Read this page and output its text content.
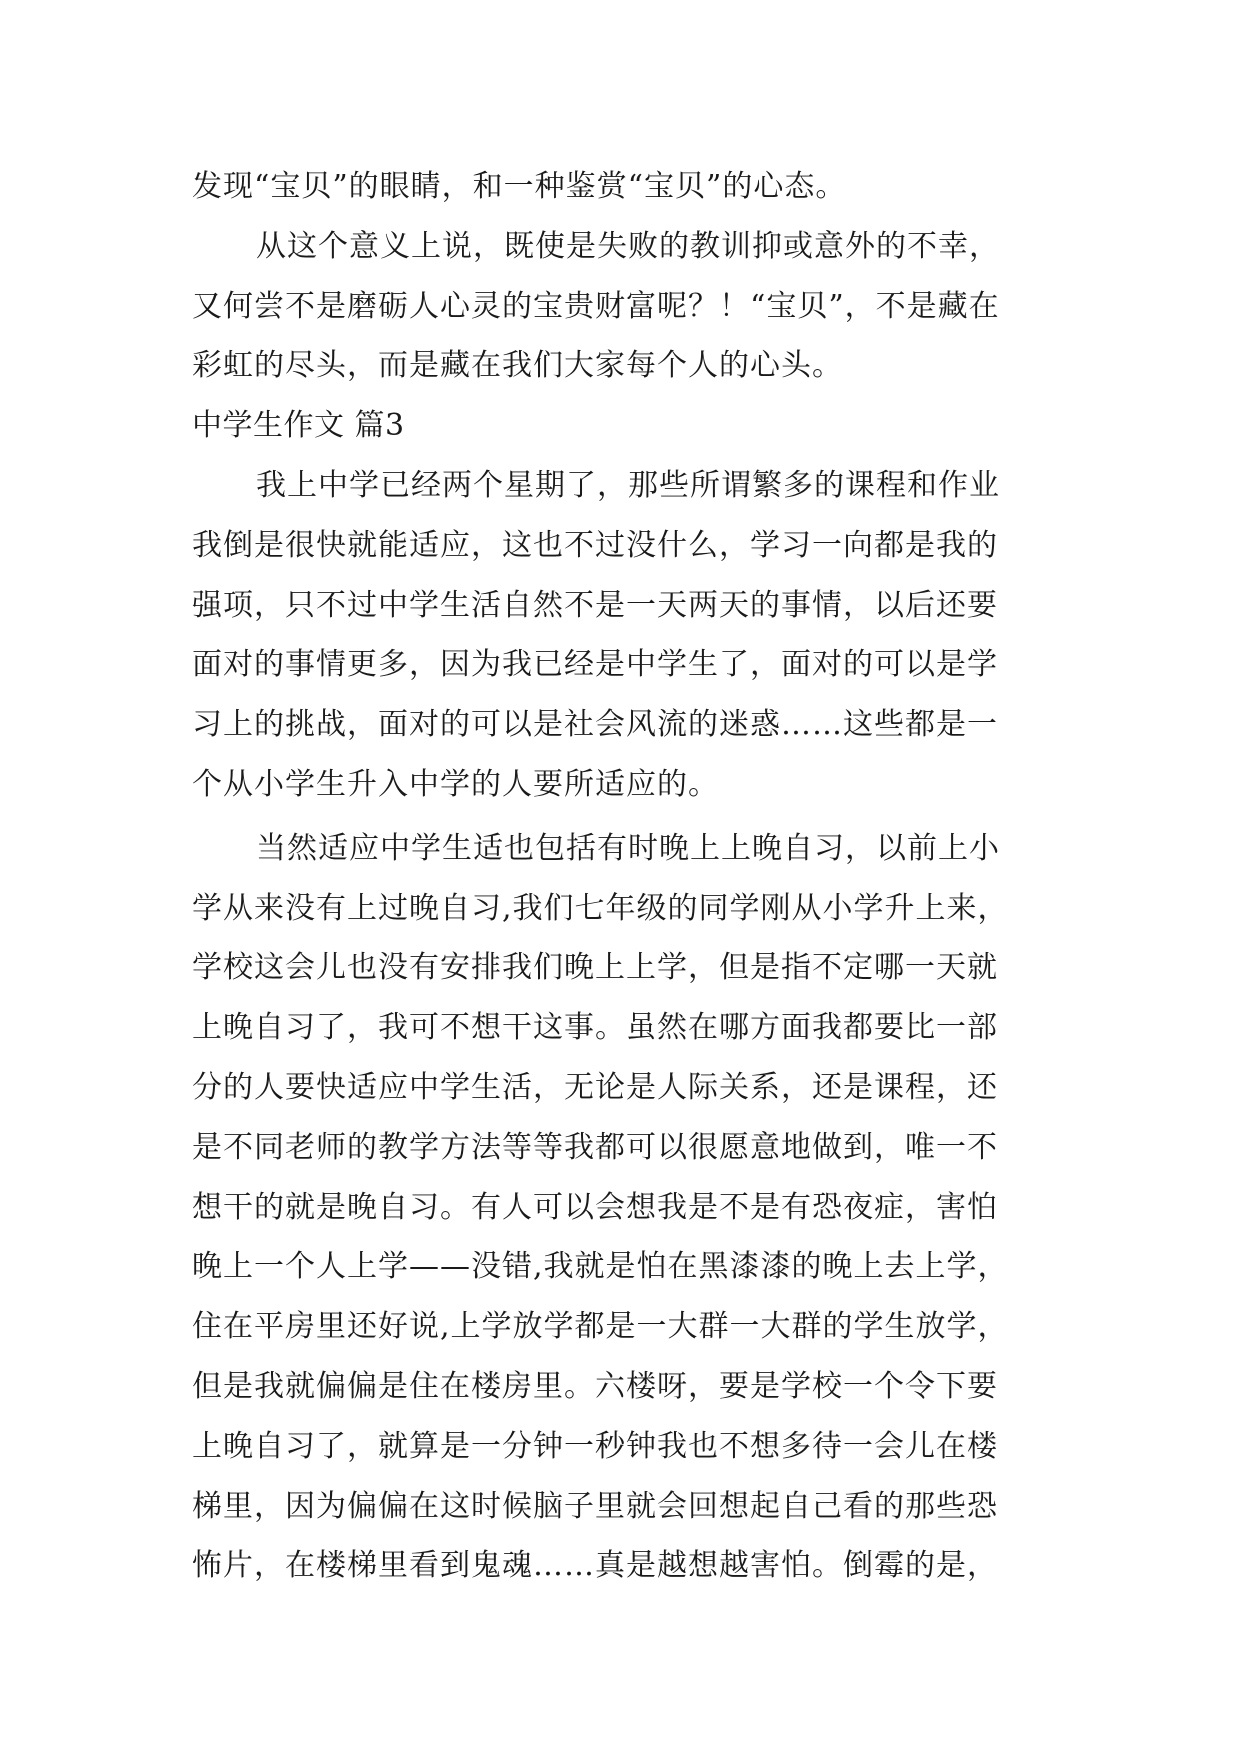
发现“宝贝”的眼睛，和一种鉴赏“宝贝”的心态。
从这个意义上说，既使是失败的教训抑或意外的不幸，
又何尝不是磨砺人心灵的宝贵财富呢？！“宝贝”，不是藏在
彩虹的尽头，而是藏在我们大家每个人的心头。
中学生作文 篇3
我上中学已经两个星期了，那些所谓繁多的课程和作业
我倒是很快就能适应，这也不过没什么，学习一向都是我的
强项，只不过中学生活自然不是一天两天的事情，以后还要
面对的事情更多，因为我已经是中学生了，面对的可以是学
习上的挑战，面对的可以是社会风流的迷惑……这些都是一
个从小学生升入中学的人要所适应的。
当然适应中学生适也包括有时晚上上晚自习，以前上小
学从来没有上过晚自习,我们七年级的同学刚从小学升上来，
学校这会儿也没有安排我们晚上上学，但是指不定哪一天就
上晚自习了，我可不想干这事。虽然在哪方面我都要比一部
分的人要快适应中学生活，无论是人际关系，还是课程，还
是不同老师的教学方法等等我都可以很愿意地做到，唯一不
想干的就是晚自习。有人可以会想我是不是有恐夜症，害怕
晚上一个人上学——没错,我就是怕在黑漆漆的晚上去上学，
住在平房里还好说,上学放学都是一大群一大群的学生放学，
但是我就偏偏是住在楼房里。六楼呀，要是学校一个令下要
上晚自习了，就算是一分钟一秒钟我也不想多待一会儿在楼
梯里，因为偏偏在这时候脑子里就会回想起自己看的那些恐
怖片，在楼梯里看到鬼魂……真是越想越害怕。倒霉的是，
